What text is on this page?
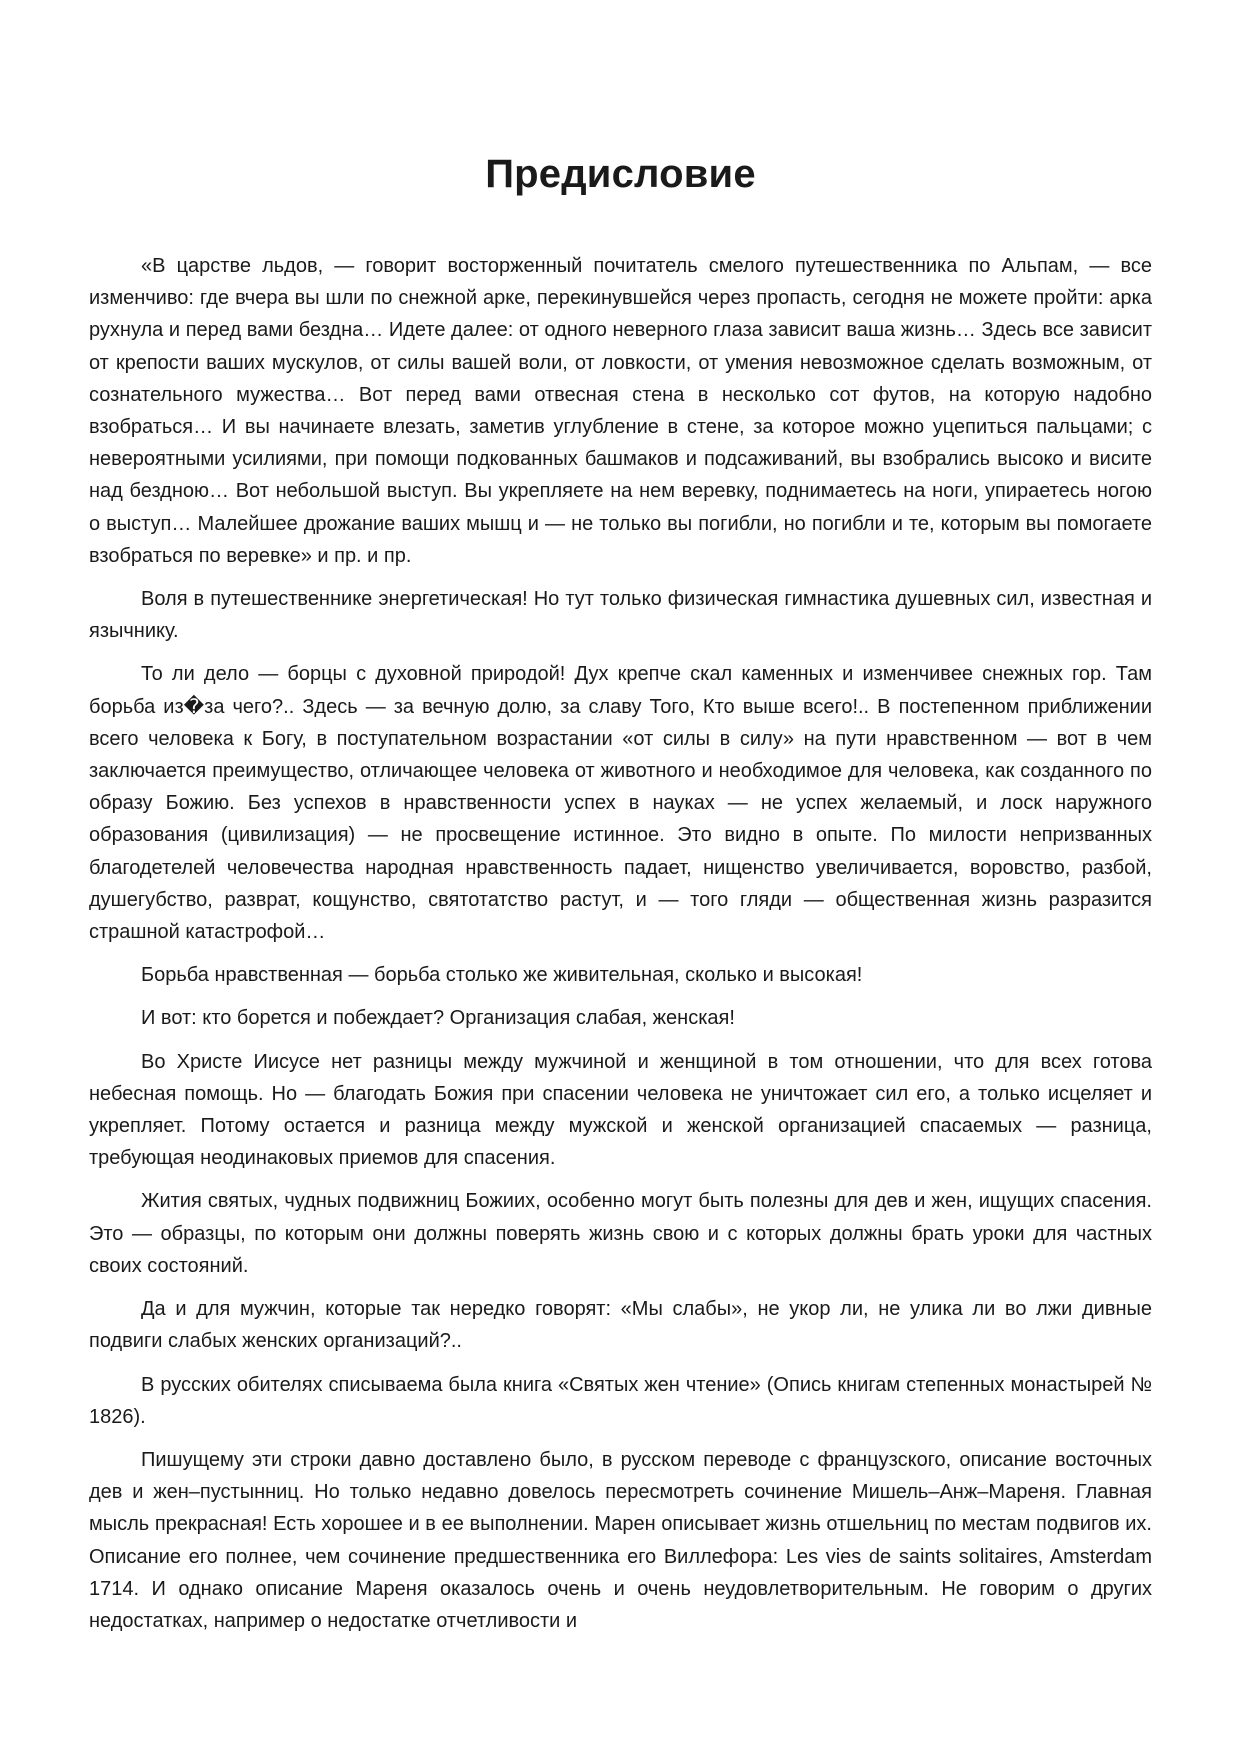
Предисловие

«В царстве льдов, — говорит восторженный почитатель смелого путешественника по Альпам, — все изменчиво: где вчера вы шли по снежной арке, перекинувшейся через пропасть, сегодня не можете пройти: арка рухнула и перед вами бездна… Идете далее: от одного неверного глаза зависит ваша жизнь… Здесь все зависит от крепости ваших мускулов, от силы вашей воли, от ловкости, от умения невозможное сделать возможным, от сознательного мужества… Вот перед вами отвесная стена в несколько сот футов, на которую надобно взобраться… И вы начинаете влезать, заметив углубление в стене, за которое можно уцепиться пальцами; с невероятными усилиями, при помощи подкованных башмаков и подсаживаний, вы взобрались высоко и висите над бездною… Вот небольшой выступ. Вы укрепляете на нем веревку, поднимаетесь на ноги, упираетесь ногою о выступ… Малейшее дрожание ваших мышц и — не только вы погибли, но погибли и те, которым вы помогаете взобраться по веревке» и пр. и пр.

Воля в путешественнике энергетическая! Но тут только физическая гимнастика душевных сил, известная и язычнику.

То ли дело — борцы с духовной природой! Дух крепче скал каменных и изменчивее снежных гор. Там борьба из�за чего?.. Здесь — за вечную долю, за славу Того, Кто выше всего!.. В постепенном приближении всего человека к Богу, в поступательном возрастании «от силы в силу» на пути нравственном — вот в чем заключается преимущество, отличающее человека от животного и необходимое для человека, как созданного по образу Божию. Без успехов в нравственности успех в науках — не успех желаемый, и лоск наружного образования (цивилизация) — не просвещение истинное. Это видно в опыте. По милости непризванных благодетелей человечества народная нравственность падает, нищенство увеличивается, воровство, разбой, душегубство, разврат, кощунство, святотатство растут, и — того гляди — общественная жизнь разразится страшной катастрофой…

Борьба нравственная — борьба столько же живительная, сколько и высокая!

И вот: кто борется и побеждает? Организация слабая, женская!

Во Христе Иисусе нет разницы между мужчиной и женщиной в том отношении, что для всех готова небесная помощь. Но — благодать Божия при спасении человека не уничтожает сил его, а только исцеляет и укрепляет. Потому остается и разница между мужской и женской организацией спасаемых — разница, требующая неодинаковых приемов для спасения.

Жития святых, чудных подвижниц Божиих, особенно могут быть полезны для дев и жен, ищущих спасения. Это — образцы, по которым они должны поверять жизнь свою и с которых должны брать уроки для частных своих состояний.

Да и для мужчин, которые так нередко говорят: «Мы слабы», не укор ли, не улика ли во лжи дивные подвиги слабых женских организаций?..

В русских обителях списываема была книга «Святых жен чтение» (Опись книгам степенных монастырей № 1826).

Пишущему эти строки давно доставлено было, в русском переводе с французского, описание восточных дев и жен–пустынниц. Но только недавно довелось пересмотреть сочинение Мишель–Анж–Мареня. Главная мысль прекрасная! Есть хорошее и в ее выполнении. Марен описывает жизнь отшельниц по местам подвигов их. Описание его полнее, чем сочинение предшественника его Виллефора: Les vies de saints solitaires, Amsterdam 1714. И однако описание Мареня оказалось очень и очень неудовлетворительным. Не говорим о других недостатках, например о недостатке отчетливости и
